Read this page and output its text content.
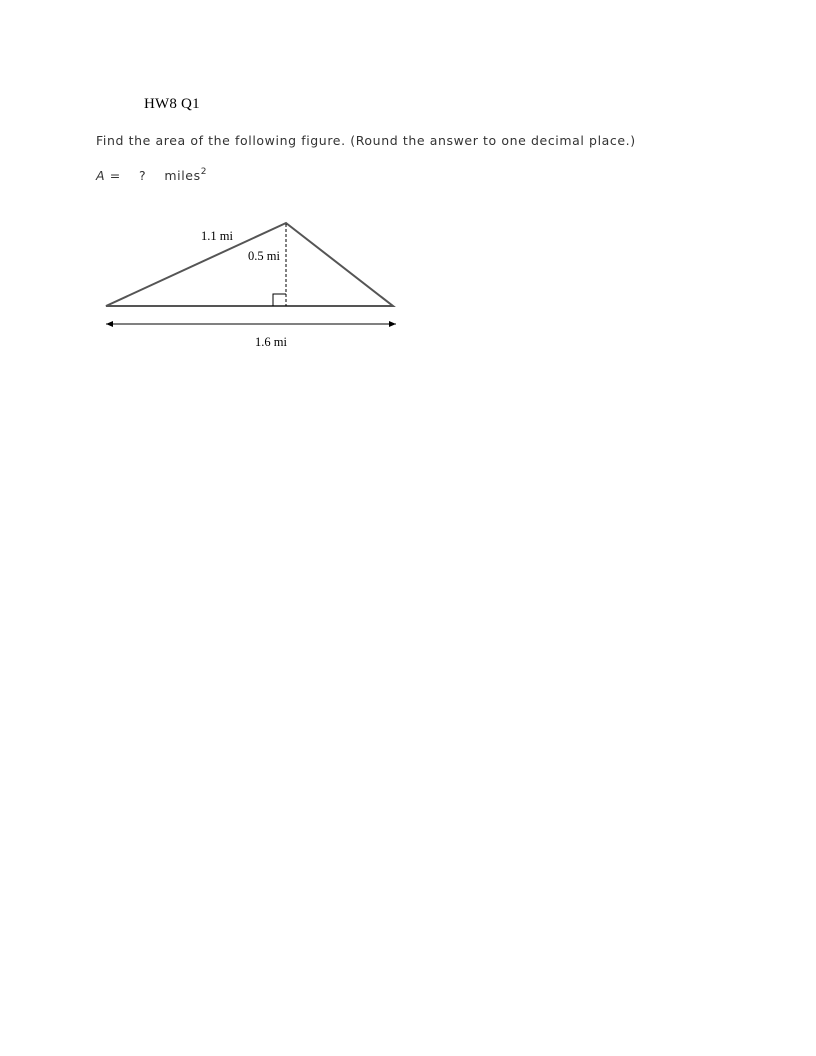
HW8 Q1
Find the area of the following figure. (Round the answer to one decimal place.)
A = ? miles$^2$
1.1 mi
0.5 mi
1.6 mi
